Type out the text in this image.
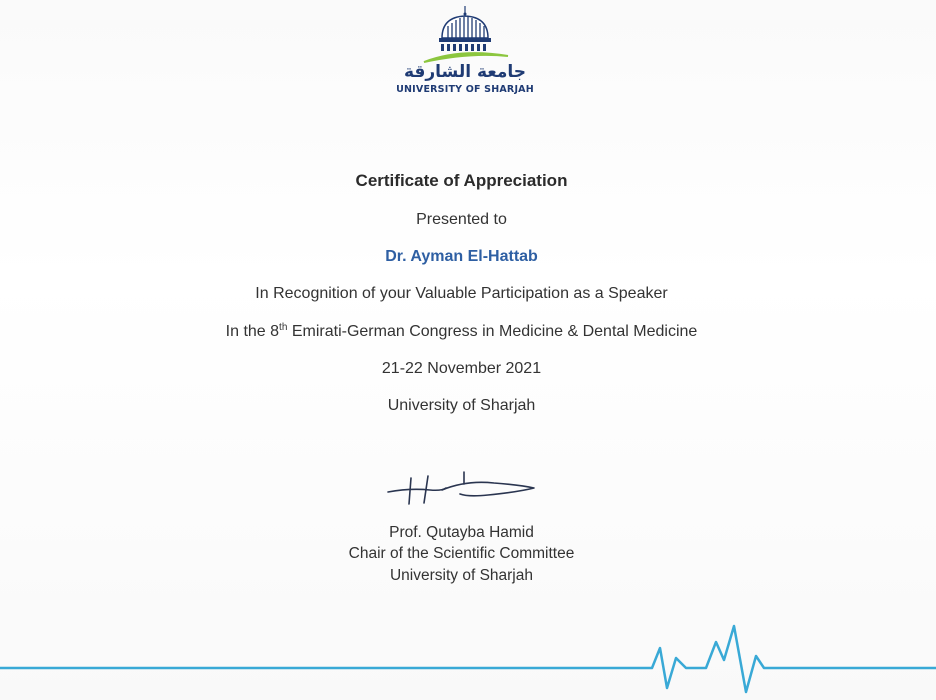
جامعة الشارقة
UNIVERSITY OF SHARJAH
Certificate of Appreciation
Presented to
Dr. Ayman El-Hattab
In Recognition of your Valuable Participation as a Speaker
In the 8th Emirati-German Congress in Medicine & Dental Medicine
21-22 November 2021
University of Sharjah
Prof. Qutayba Hamid
Chair of the Scientific Committee
University of Sharjah
